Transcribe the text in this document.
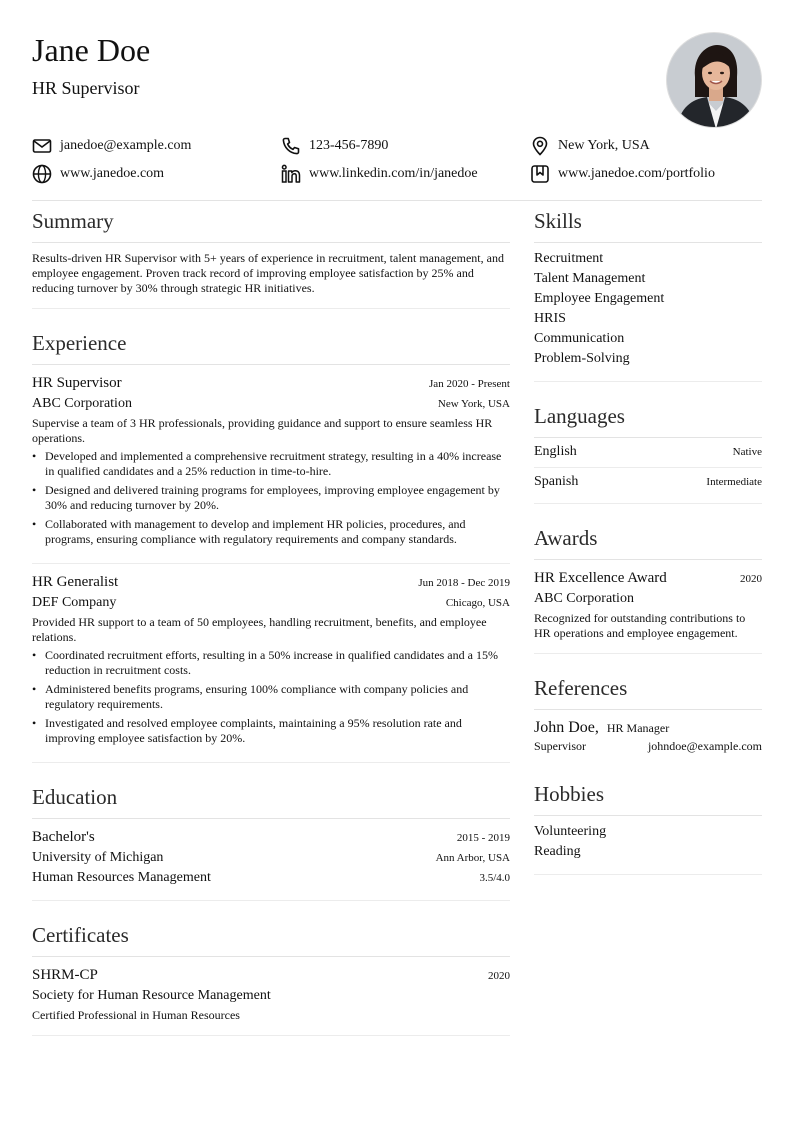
Jane Doe
HR Supervisor
janedoe@example.com	123-456-7890	New York, USA
www.janedoe.com	www.linkedin.com/in/janedoe	www.janedoe.com/portfolio
Summary
Results-driven HR Supervisor with 5+ years of experience in recruitment, talent management, and employee engagement. Proven track record of improving employee satisfaction by 25% and reducing turnover by 30% through strategic HR initiatives.
Experience
HR Supervisor	Jan 2020 - Present
ABC Corporation	New York, USA
Supervise a team of 3 HR professionals, providing guidance and support to ensure seamless HR operations.
• Developed and implemented a comprehensive recruitment strategy, resulting in a 40% increase in qualified candidates and a 25% reduction in time-to-hire.
• Designed and delivered training programs for employees, improving employee engagement by 30% and reducing turnover by 20%.
• Collaborated with management to develop and implement HR policies, procedures, and programs, ensuring compliance with regulatory requirements and company standards.
HR Generalist	Jun 2018 - Dec 2019
DEF Company	Chicago, USA
Provided HR support to a team of 50 employees, handling recruitment, benefits, and employee relations.
• Coordinated recruitment efforts, resulting in a 50% increase in qualified candidates and a 15% reduction in recruitment costs.
• Administered benefits programs, ensuring 100% compliance with company policies and regulatory requirements.
• Investigated and resolved employee complaints, maintaining a 95% resolution rate and improving employee satisfaction by 20%.
Education
Bachelor's	2015 - 2019
University of Michigan	Ann Arbor, USA
Human Resources Management	3.5/4.0
Certificates
SHRM-CP	2020
Society for Human Resource Management
Certified Professional in Human Resources
Skills
Recruitment
Talent Management
Employee Engagement
HRIS
Communication
Problem-Solving
Languages
English	Native
Spanish	Intermediate
Awards
HR Excellence Award	2020
ABC Corporation
Recognized for outstanding contributions to HR operations and employee engagement.
References
John Doe, HR Manager
Supervisor	johndoe@example.com
Hobbies
Volunteering
Reading
